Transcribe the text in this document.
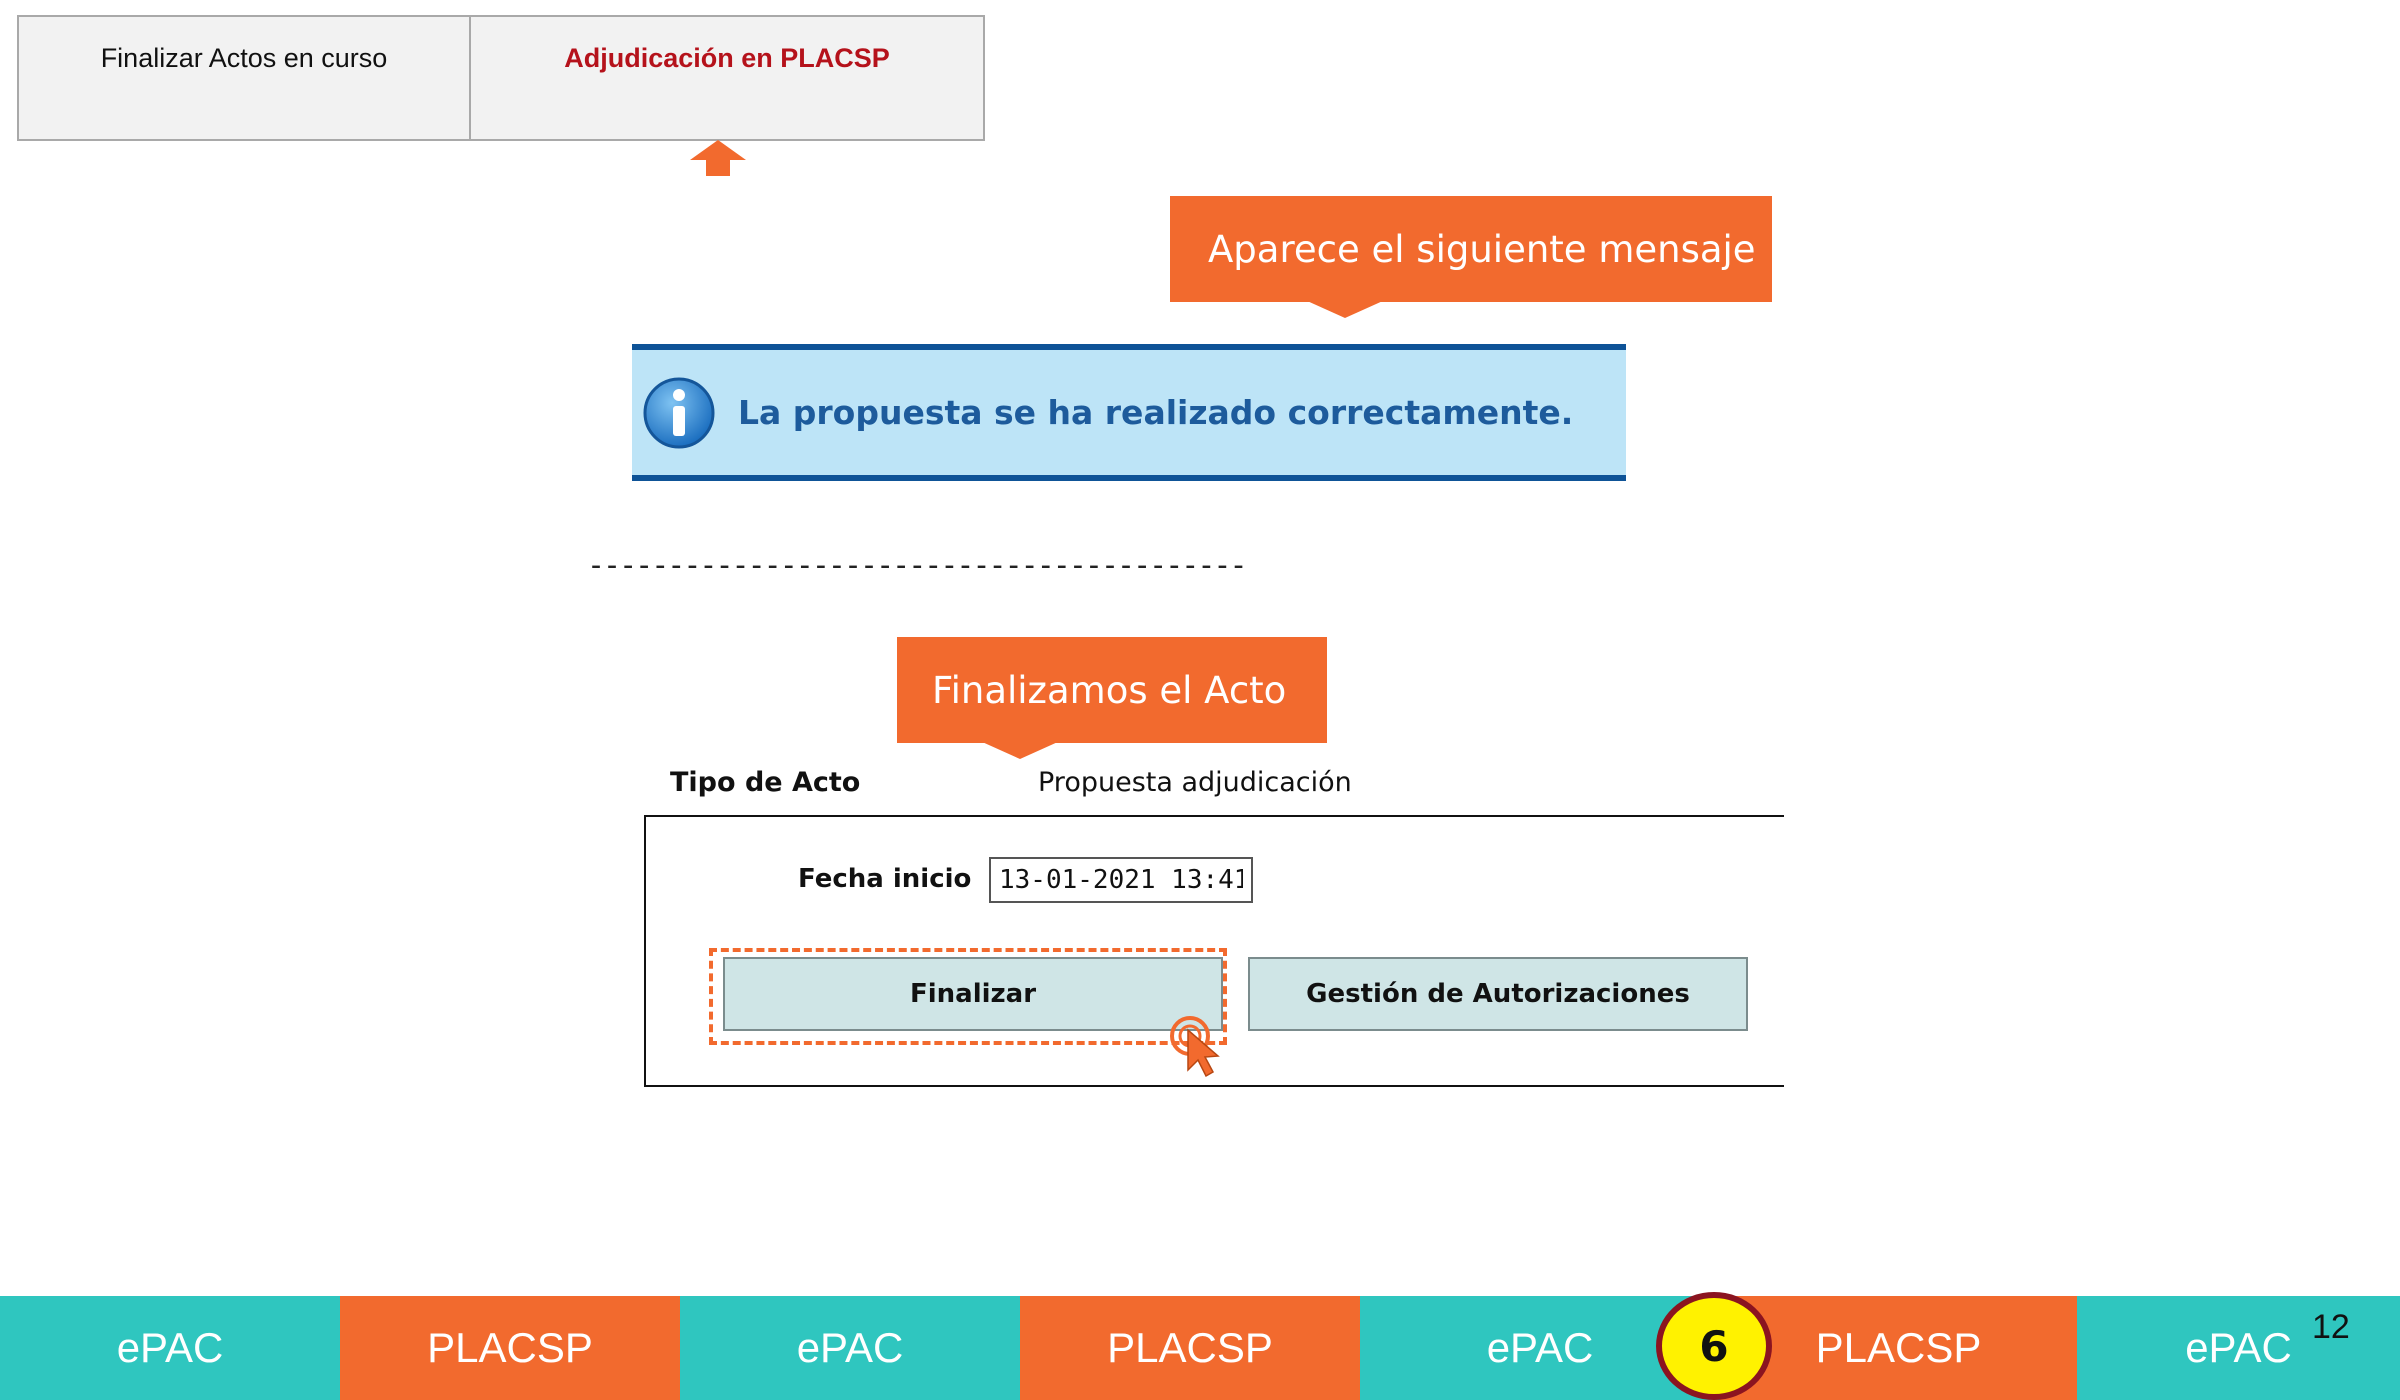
Finalizar Actos en curso	Adjudicación en PLACSP
Aparece el siguiente mensaje
La propuesta se ha realizado correctamente.
-----------------------------------------
Finalizamos el Acto
Tipo de Acto	Propuesta adjudicación
Fecha inicio
13-01-2021 13:41
Finalizar	Gestión de Autorizaciones
ePAC	PLACSP	ePAC	PLACSP	ePAC	PLACSP	ePAC
6	12
